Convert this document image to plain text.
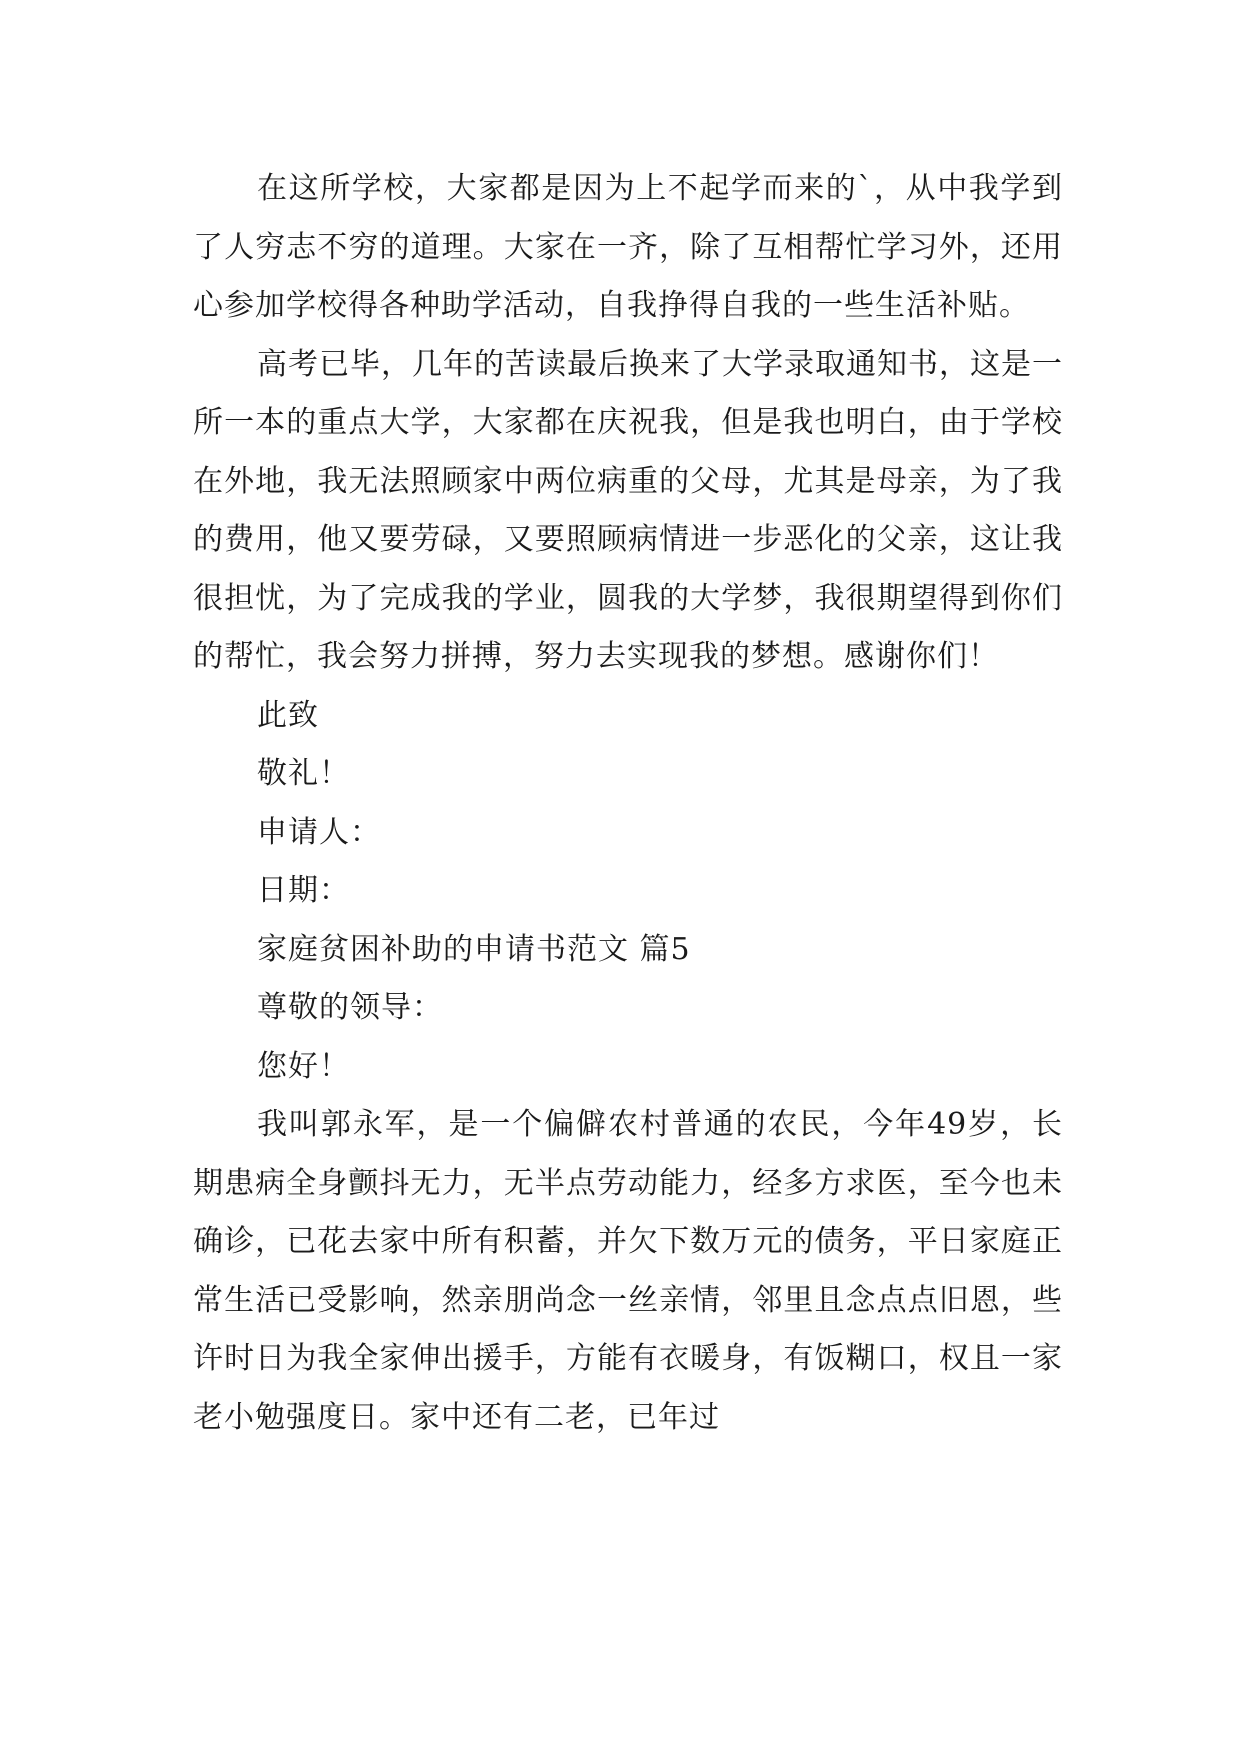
在这所学校，大家都是因为上不起学而来的`，从中我学到了人穷志不穷的道理。大家在一齐，除了互相帮忙学习外，还用心参加学校得各种助学活动，自我挣得自我的一些生活补贴。

高考已毕，几年的苦读最后换来了大学录取通知书，这是一所一本的重点大学，大家都在庆祝我，但是我也明白，由于学校在外地，我无法照顾家中两位病重的父母，尤其是母亲，为了我的费用，他又要劳碌，又要照顾病情进一步恶化的父亲，这让我很担忧，为了完成我的学业，圆我的大学梦，我很期望得到你们的帮忙，我会努力拼搏，努力去实现我的梦想。感谢你们！

此致

敬礼！

申请人：

日期：

家庭贫困补助的申请书范文 篇5

尊敬的领导：

您好！

我叫郭永军，是一个偏僻农村普通的农民，今年49岁，长期患病全身颤抖无力，无半点劳动能力，经多方求医，至今也未确诊，已花去家中所有积蓄，并欠下数万元的债务，平日家庭正常生活已受影响，然亲朋尚念一丝亲情，邻里且念点点旧恩，些许时日为我全家伸出援手，方能有衣暖身，有饭糊口，权且一家老小勉强度日。家中还有二老，已年过
